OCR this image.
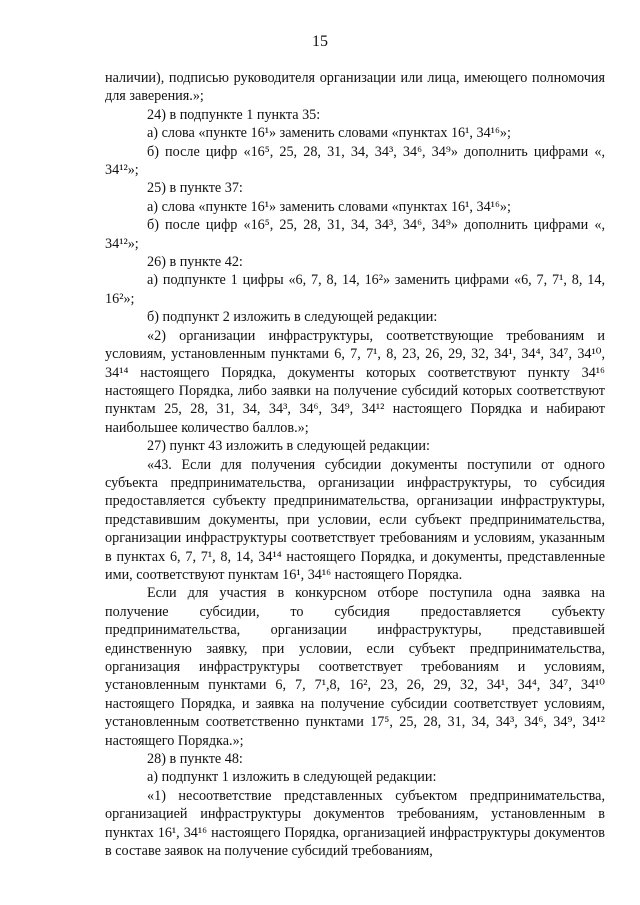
15

наличии), подписью руководителя организации или лица, имеющего полномочия для заверения.»;

24) в подпункте 1 пункта 35:

а) слова «пункте 16¹» заменить словами «пунктах 16¹, 34¹⁶»;

б) после цифр «16⁵, 25, 28, 31, 34, 34³, 34⁶, 34⁹» дополнить цифрами «, 34¹²»;

25) в пункте 37:

а) слова «пункте 16¹» заменить словами «пунктах 16¹, 34¹⁶»;

б) после цифр «16⁵, 25, 28, 31, 34, 34³, 34⁶, 34⁹» дополнить цифрами «, 34¹²»;

26) в пункте 42:

а) подпункте 1 цифры «6, 7, 8, 14, 16²» заменить цифрами «6, 7, 7¹, 8, 14, 16²»;

б) подпункт 2 изложить в следующей редакции:

«2) организации инфраструктуры, соответствующие требованиям и условиям, установленным пунктами 6, 7, 7¹, 8, 23, 26, 29, 32, 34¹, 34⁴, 34⁷, 34¹⁰, 34¹⁴ настоящего Порядка, документы которых соответствуют пункту 34¹⁶ настоящего Порядка, либо заявки на получение субсидий которых соответствуют пунктам 25, 28, 31, 34, 34³, 34⁶, 34⁹, 34¹² настоящего Порядка и набирают наибольшее количество баллов.»;

27) пункт 43 изложить в следующей редакции:

«43. Если для получения субсидии документы поступили от одного субъекта предпринимательства, организации инфраструктуры, то субсидия предоставляется субъекту предпринимательства, организации инфраструктуры, представившим документы, при условии, если субъект предпринимательства, организации инфраструктуры соответствует требованиям и условиям, указанным в пунктах 6, 7, 7¹, 8, 14, 34¹⁴ настоящего Порядка, и документы, представленные ими, соответствуют пунктам 16¹, 34¹⁶ настоящего Порядка.

Если для участия в конкурсном отборе поступила одна заявка на получение субсидии, то субсидия предоставляется субъекту предпринимательства, организации инфраструктуры, представившей единственную заявку, при условии, если субъект предпринимательства, организация инфраструктуры соответствует требованиям и условиям, установленным пунктами 6, 7, 7¹,8, 16², 23, 26, 29, 32, 34¹, 34⁴, 34⁷, 34¹⁰ настоящего Порядка, и заявка на получение субсидии соответствует условиям, установленным соответственно пунктами 17⁵, 25, 28, 31, 34, 34³, 34⁶, 34⁹, 34¹² настоящего Порядка.»;

28) в пункте 48:

а) подпункт 1 изложить в следующей редакции:

«1) несоответствие представленных субъектом предпринимательства, организацией инфраструктуры документов требованиям, установленным в пунктах 16¹, 34¹⁶ настоящего Порядка, организацией инфраструктуры документов в составе заявок на получение субсидий требованиям,
